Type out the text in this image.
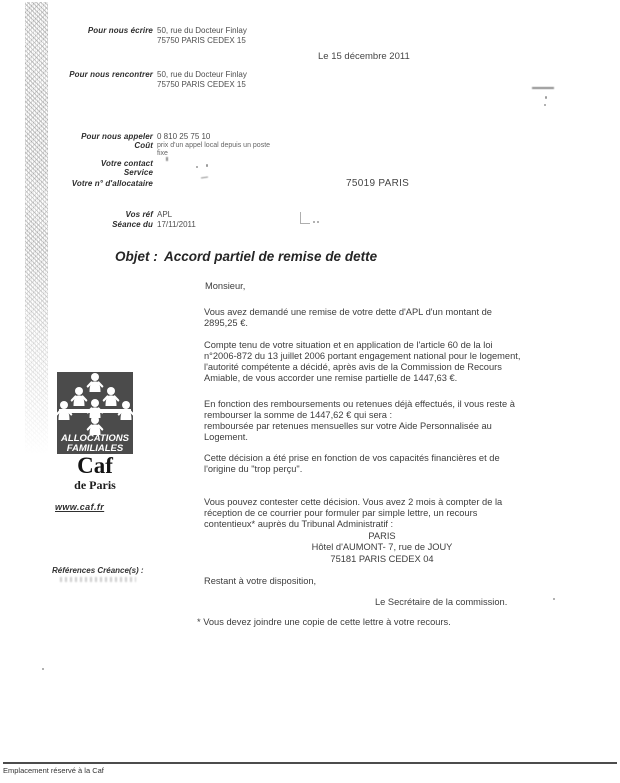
Pour nous écrire 50, rue du Docteur Finlay
75750 PARIS CEDEX 15
Le 15 décembre 2011
Pour nous rencontrer 50, rue du Docteur Finlay
75750 PARIS CEDEX 15
Pour nous appeler 0 810 25 75 10
Coût prix d'un appel local depuis un poste
fixe
Votre contact
Service
Votre n° d'allocataire	75019 PARIS
Vos réf APL
Séance du 17/11/2011
Objet : Accord partiel de remise de dette
Monsieur,
Vous avez demandé une remise de votre dette d'APL d'un montant de
2895,25 €.
Compte tenu de votre situation et en application de l'article 60 de la loi
n°2006-872 du 13 juillet 2006 portant engagement national pour le logement,
l'autorité compétente a décidé, après avis de la Commission de Recours
Amiable, de vous accorder une remise partielle de 1447,63 €.
En fonction des remboursements ou retenues déjà effectués, il vous reste à
rembourser la somme de 1447,62 € qui sera :
remboursée par retenues mensuelles sur votre Aide Personnalisée au
Logement.
Cette décision a été prise en fonction de vos capacités financières et de
l'origine du "trop perçu".
Vous pouvez contester cette décision. Vous avez 2 mois à compter de la
réception de ce courrier pour formuler par simple lettre, un recours
contentieux* auprès du Tribunal Administratif :
PARIS
Hôtel d'AUMONT- 7, rue de JOUY
75181 PARIS CEDEX 04
Restant à votre disposition,
Le Secrétaire de la commission.
* Vous devez joindre une copie de cette lettre à votre recours.
ALLOCATIONS
FAMILIALES
Caf
de Paris
www.caf.fr
Références Créance(s) :
Emplacement réservé à la Caf
